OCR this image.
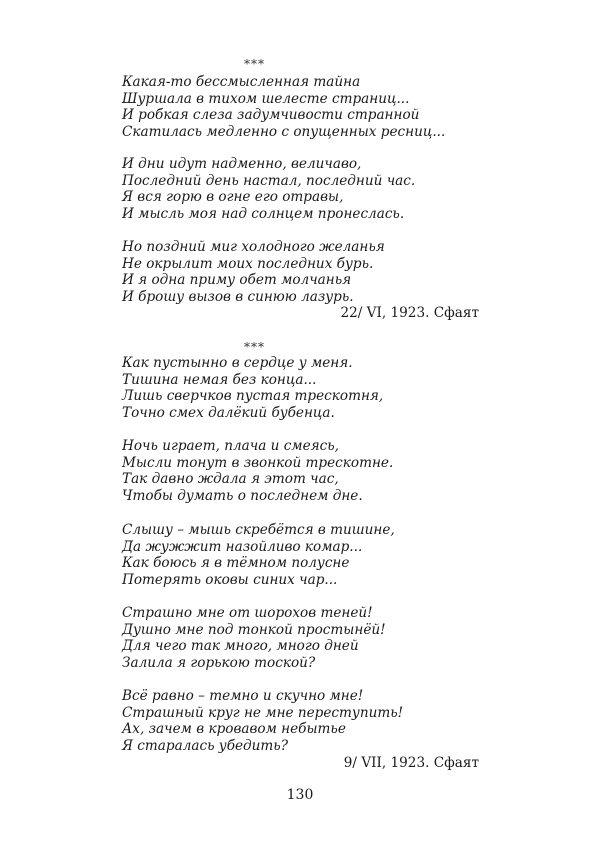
***
Какая-то бессмысленная тайна
Шуршала в тихом шелесте страниц...
И робкая слеза задумчивости странной
Скатилась медленно с опущенных ресниц...
И дни идут надменно, величаво,
Последний день настал, последний час.
Я вся горю в огне его отравы,
И мысль моя над солнцем пронеслась.
Но поздний миг холодного желанья
Не окрылит моих последних бурь.
И я одна приму обет молчанья
И брошу вызов в синюю лазурь.
22/ VI, 1923. Сфаят
***
Как пустынно в сердце у меня.
Тишина немая без конца...
Лишь сверчков пустая трескотня,
Точно смех далёкий бубенца.
Ночь играет, плача и смеясь,
Мысли тонут в звонкой трескотне.
Так давно ждала я этот час,
Чтобы думать о последнем дне.
Слышу – мышь скребётся в тишине,
Да жужжит назойливо комар...
Как боюсь я в тёмном полусне
Потерять оковы синих чар...
Страшно мне от шорохов теней!
Душно мне под тонкой простынёй!
Для чего так много, много дней
Залила я горькою тоской?
Всё равно – темно и скучно мне!
Страшный круг не мне переступить!
Ах, зачем в кровавом небытье
Я старалась убедить?
9/ VII, 1923. Сфаят
130
